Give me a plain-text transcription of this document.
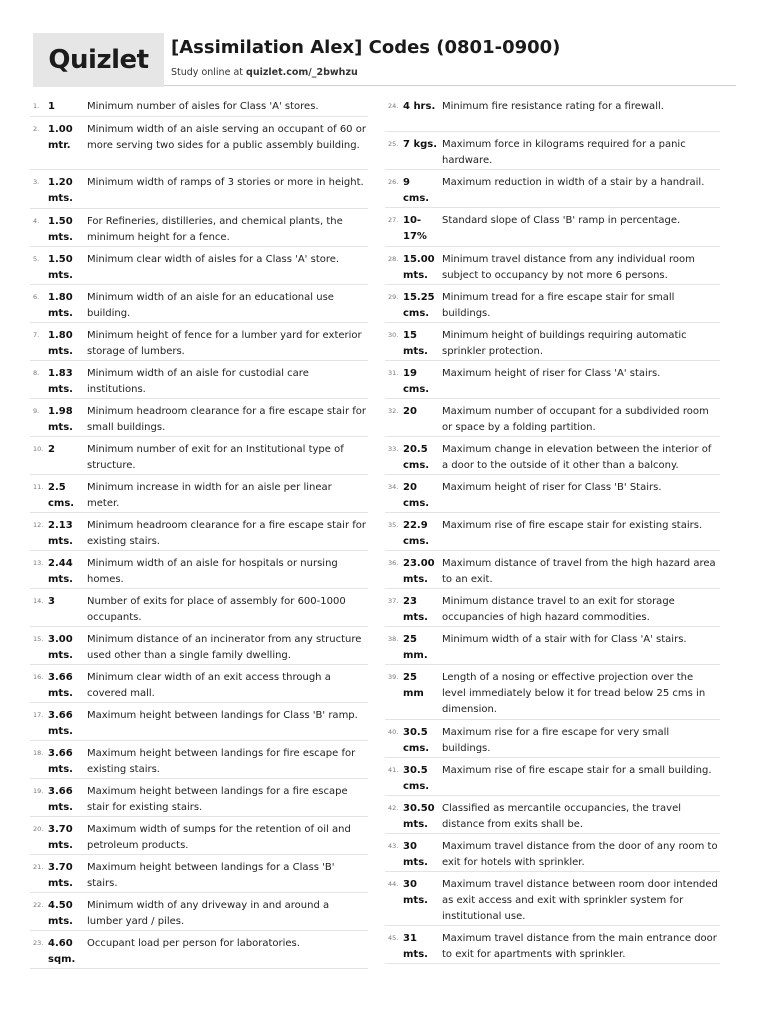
Quizlet [Assimilation Alex] Codes (0801-0900)
Study online at quizlet.com/_2bwhzu
1. 1	Minimum number of aisles for Class 'A' stores.
2. 1.00 mtr.
Minimum width of an aisle serving an occupant of 60 or more serving two sides for a public assembly building.
3. 1.20 mts.
Minimum width of ramps of 3 stories or more in height.
4. 1.50 mts.
For Refineries, distilleries, and chemical plants, the minimum height for a fence.
5. 1.50 mts.
Minimum clear width of aisles for a Class 'A' store.
6. 1.80 mts.
Minimum width of an aisle for an educational use building.
7. 1.80 mts.
Minimum height of fence for a lumber yard for exterior storage of lumbers.
8. 1.83 mts.
Minimum width of an aisle for custodial care institutions.
9. 1.98 mts.
Minimum headroom clearance for a fire escape stair for small buildings.
10. 2	Minimum number of exit for an Institutional type of structure.
11. 2.5 cms.
Minimum increase in width for an aisle per linear meter.
12. 2.13 mts.
Minimum headroom clearance for a fire escape stair for existing stairs.
13. 2.44 mts.
Minimum width of an aisle for hospitals or nursing homes.
14. 3	Number of exits for place of assembly for 600-1000 occupants.
15. 3.00 mts.
Minimum distance of an incinerator from any structure used other than a single family dwelling.
16. 3.66 mts.
Minimum clear width of an exit access through a covered mall.
17. 3.66 mts.
Maximum height between landings for Class 'B' ramp.
18. 3.66 mts.
Maximum height between landings for fire escape for existing stairs.
19. 3.66 mts.
Maximum height between landings for a fire escape stair for existing stairs.
20. 3.70 mts.
Maximum width of sumps for the retention of oil and petroleum products.
21. 3.70 mts.
Maximum height between landings for a Class 'B' stairs.
22. 4.50 mts.
Minimum width of any driveway in and around a lumber yard / piles.
23. 4.60 sqm.
Occupant load per person for laboratories.
24. 4 hrs. Minimum fire resistance rating for a firewall.
25. 7 kgs. Maximum force in kilograms required for a panic hardware.
26. 9 cms.
Maximum reduction in width of a stair by a handrail.
27. 10-17%
Standard slope of Class 'B' ramp in percentage.
28. 15.00 mts.
Minimum travel distance from any individual room subject to occupancy by not more 6 persons.
29. 15.25 cms.
Minimum tread for a fire escape stair for small buildings.
30. 15 mts.
Minimum height of buildings requiring automatic sprinkler protection.
31. 19 cms.
Maximum height of riser for Class 'A' stairs.
32. 20	Maximum number of occupant for a subdivided room or space by a folding partition.
33. 20.5 cms.
Maximum change in elevation between the interior of a door to the outside of it other than a balcony.
34. 20 cms.
Maximum height of riser for Class 'B' Stairs.
35. 22.9 cms.
Maximum rise of fire escape stair for existing stairs.
36. 23.00 mts.
Maximum distance of travel from the high hazard area to an exit.
37. 23 mts.
Minimum distance travel to an exit for storage occupancies of high hazard commodities.
38. 25 mm.
Minimum width of a stair with for Class 'A' stairs.
39. 25 mm
Length of a nosing or effective projection over the level immediately below it for tread below 25 cms in dimension.
40. 30.5 cms.
Maximum rise for a fire escape for very small buildings.
41. 30.5 cms.
Maximum rise of fire escape stair for a small building.
42. 30.50 mts.
Classified as mercantile occupancies, the travel distance from exits shall be.
43. 30 mts.
Maximum travel distance from the door of any room to exit for hotels with sprinkler.
44. 30 mts.
Maximum travel distance between room door intended as exit access and exit with sprinkler system for institutional use.
45. 31 mts.
Maximum travel distance from the main entrance door to exit for apartments with sprinkler.
